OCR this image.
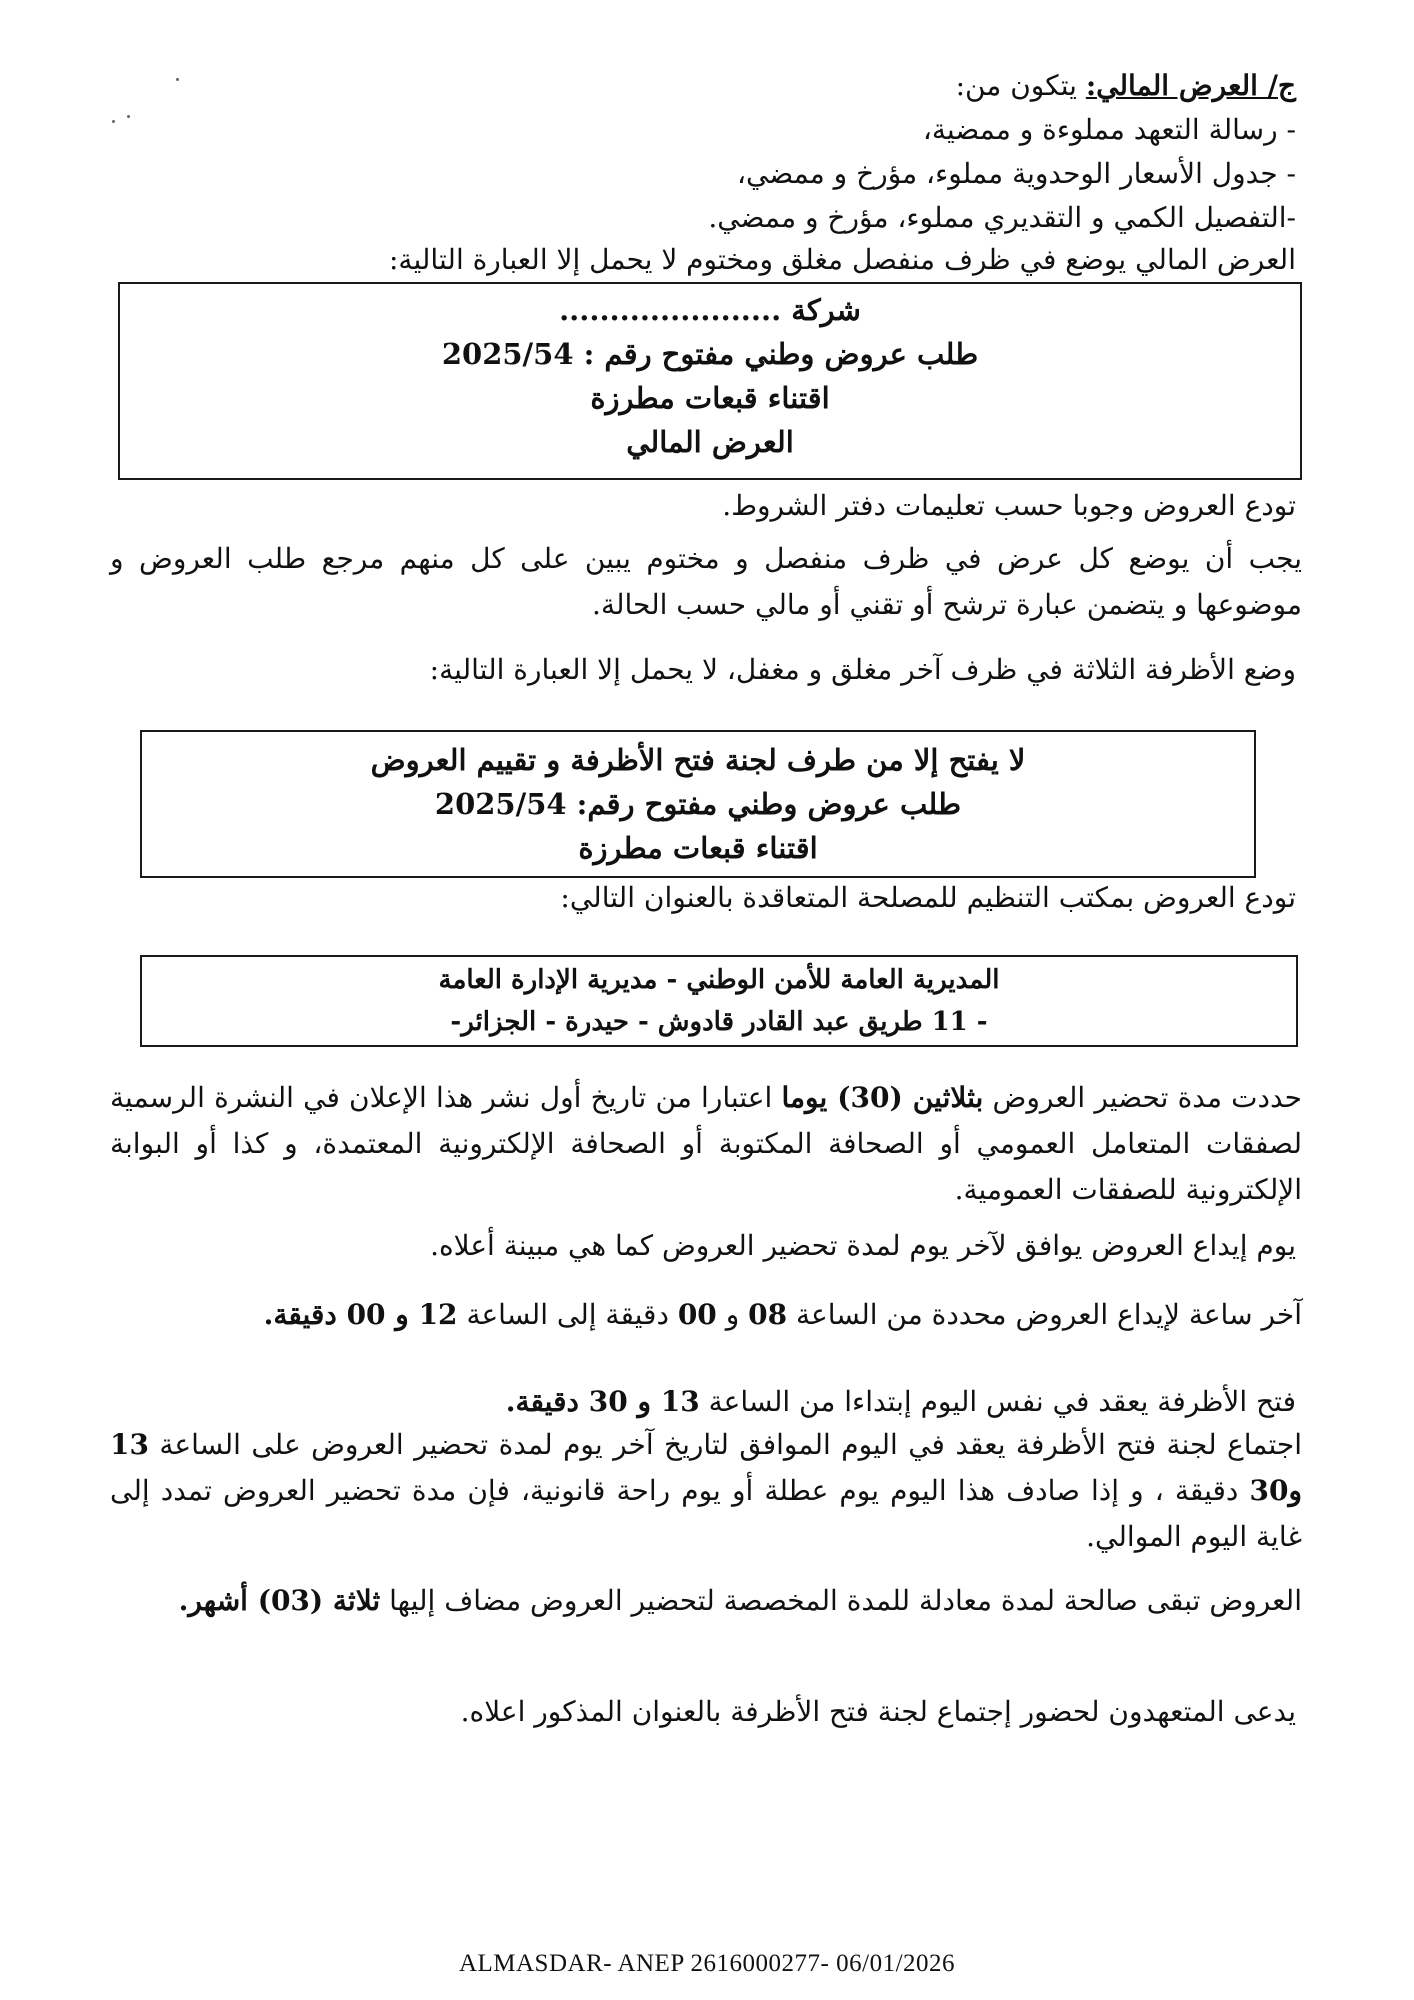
ج/ العرض المالي: يتكون من:
- رسالة التعهد مملوءة و ممضية،
- جدول الأسعار الوحدوية مملوء، مؤرخ و ممضي،
-التفصيل الكمي و التقديري مملوء، مؤرخ و ممضي.
العرض المالي يوضع في ظرف منفصل مغلق ومختوم لا يحمل إلا العبارة التالية:
شركة ......................
طلب عروض وطني مفتوح رقم : 2025/54
اقتناء قبعات مطرزة
العرض المالي
تودع العروض وجوبا حسب تعليمات دفتر الشروط.
يجب أن يوضع كل عرض في ظرف منفصل و مختوم يبين على كل منهم مرجع طلب العروض و موضوعها و يتضمن عبارة ترشح أو تقني أو مالي حسب الحالة.
وضع الأظرفة الثلاثة في ظرف آخر مغلق و مغفل، لا يحمل إلا العبارة التالية:
لا يفتح إلا من طرف لجنة فتح الأظرفة و تقييم العروض
طلب عروض وطني مفتوح رقم: 2025/54
اقتناء قبعات مطرزة
تودع العروض بمكتب التنظيم للمصلحة المتعاقدة بالعنوان التالي:
المديرية العامة للأمن الوطني - مديرية الإدارة العامة
- 11 طريق عبد القادر قادوش - حيدرة - الجزائر-
حددت مدة تحضير العروض بثلاثين (30) يوما اعتبارا من تاريخ أول نشر هذا الإعلان في النشرة الرسمية لصفقات المتعامل العمومي أو الصحافة المكتوبة أو الصحافة الإلكترونية المعتمدة، و كذا أو البوابة الإلكترونية للصفقات العمومية.
يوم إيداع العروض يوافق لآخر يوم لمدة تحضير العروض كما هي مبينة أعلاه.
آخر ساعة لإيداع العروض محددة من الساعة 08 و 00 دقيقة إلى الساعة 12 و 00 دقيقة.
فتح الأظرفة يعقد في نفس اليوم إبتداءا من الساعة 13 و 30 دقيقة.
اجتماع لجنة فتح الأظرفة يعقد في اليوم الموافق لتاريخ آخر يوم لمدة تحضير العروض على الساعة 13 و30 دقيقة ، و إذا صادف هذا اليوم يوم عطلة أو يوم راحة قانونية، فإن مدة تحضير العروض تمدد إلى غاية اليوم الموالي.
العروض تبقى صالحة لمدة معادلة للمدة المخصصة لتحضير العروض مضاف إليها ثلاثة (03) أشهر.
يدعى المتعهدون لحضور إجتماع لجنة فتح الأظرفة بالعنوان المذكور اعلاه.
ALMASDAR- ANEP 2616000277- 06/01/2026
